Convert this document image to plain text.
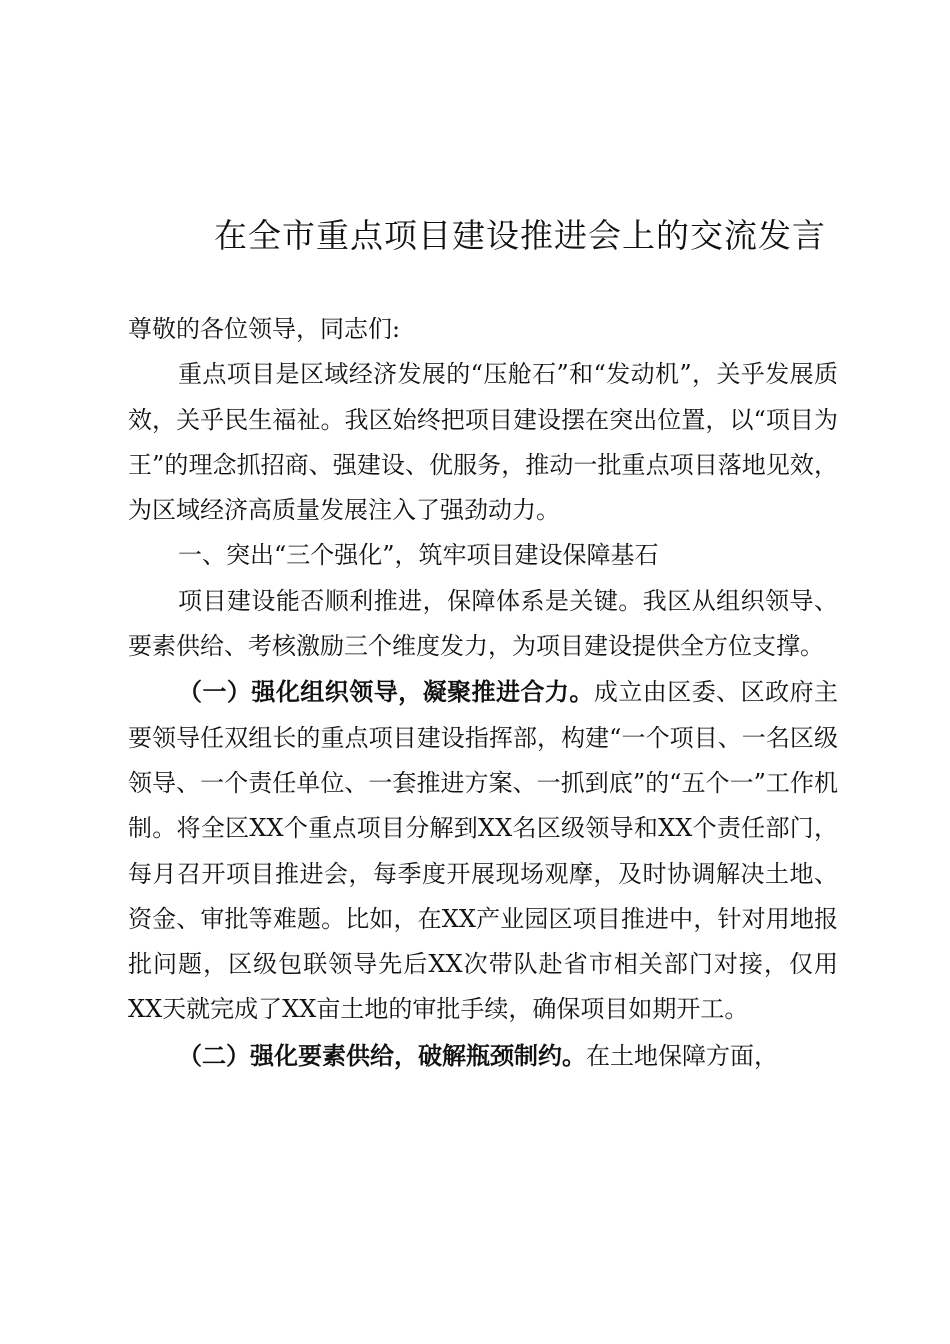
在全市重点项目建设推进会上的交流发言

尊敬的各位领导，同志们:

重点项目是区域经济发展的“压舱石”和“发动机”，关乎发展质效，关乎民生福祉。我区始终把项目建设摆在突出位置，以“项目为王”的理念抓招商、强建设、优服务，推动一批重点项目落地见效，为区域经济高质量发展注入了强劲动力。

一、突出“三个强化”，筑牢项目建设保障基石

项目建设能否顺利推进，保障体系是关键。我区从组织领导、要素供给、考核激励三个维度发力，为项目建设提供全方位支撑。

（一）强化组织领导，凝聚推进合力。成立由区委、区政府主要领导任双组长的重点项目建设指挥部，构建“一个项目、一名区级领导、一个责任单位、一套推进方案、一抓到底”的“五个一”工作机制。将全区XX个重点项目分解到XX名区级领导和XX个责任部门，每月召开项目推进会，每季度开展现场观摩，及时协调解决土地、资金、审批等难题。比如，在XX产业园区项目推进中，针对用地报批问题，区级包联领导先后XX次带队赴省市相关部门对接，仅用XX天就完成了XX亩土地的审批手续，确保项目如期开工。

（二）强化要素供给，破解瓶颈制约。在土地保障方面，
